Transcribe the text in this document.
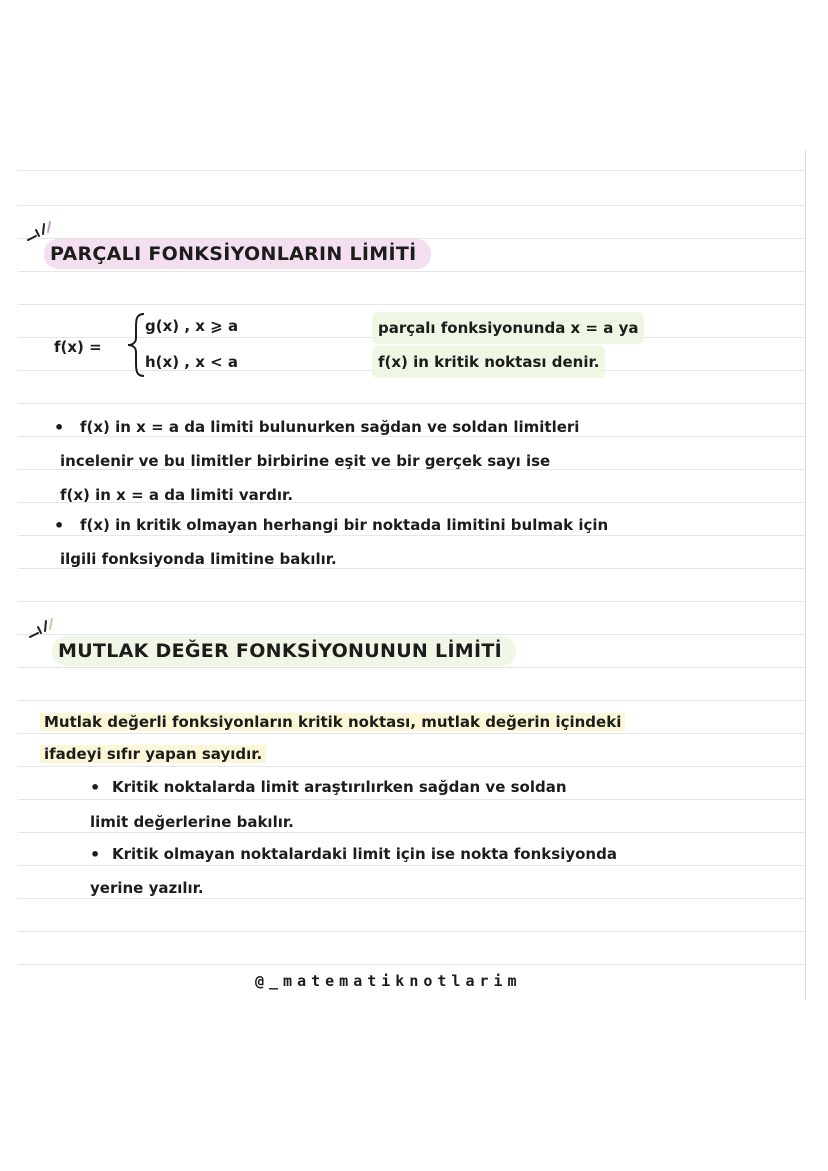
PARÇALI FONKSİYONLARIN LİMİTİ
f(x) =
g(x) , x ⩾ a
h(x) , x < a
parçalı fonksiyonunda x = a ya
f(x) in kritik noktası denir.
• f(x) in x = a da limiti bulunurken sağdan ve soldan limitleri
incelenir ve bu limitler birbirine eşit ve bir gerçek sayı ise
f(x) in x = a da limiti vardır.
• f(x) in kritik olmayan herhangi bir noktada limitini bulmak için
ilgili fonksiyonda limitine bakılır.
MUTLAK DEĞER FONKSİYONUNUN LİMİTİ
Mutlak değerli fonksiyonların kritik noktası, mutlak değerin içindeki
ifadeyi sıfır yapan sayıdır.
• Kritik noktalarda limit araştırılırken sağdan ve soldan
limit değerlerine bakılır.
• Kritik olmayan noktalardaki limit için ise nokta fonksiyonda
yerine yazılır.
@_matematiknotlarim
